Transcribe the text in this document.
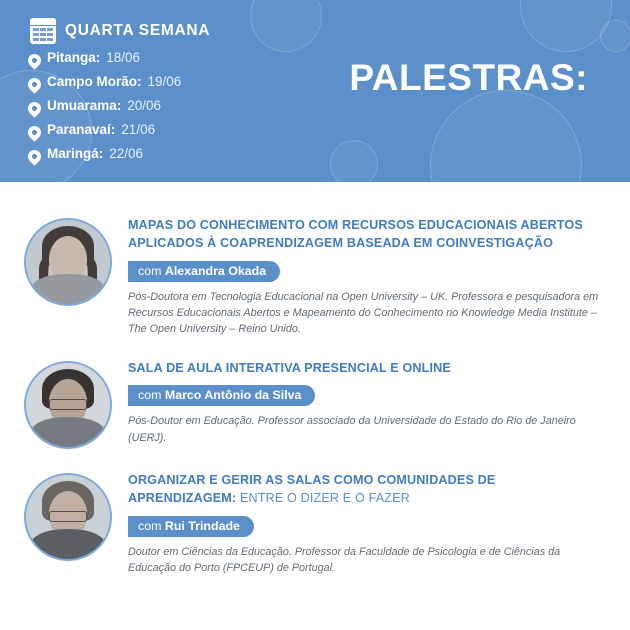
QUARTA SEMANA
Pitanga: 18/06
Campo Morão: 19/06
Umuarama: 20/06
Paranavaí: 21/06
Maringá: 22/06
PALESTRAS:
MAPAS DO CONHECIMENTO COM RECURSOS EDUCACIONAIS ABERTOS APLICADOS À COAPRENDIZAGEM BASEADA EM COINVESTIGAÇÃO
com Alexandra Okada
Pós-Doutora em Tecnologia Educacional na Open University – UK. Professora e pesquisadora em Recursos Educacionais Abertos e Mapeamento do Conhecimento no Knowledge Media Institute – The Open University – Reino Unido.
SALA DE AULA INTERATIVA PRESENCIAL E ONLINE
com Marco Antônio da Silva
Pós-Doutor em Educação. Professor associado da Universidade do Estado do Rio de Janeiro (UERJ).
ORGANIZAR E GERIR AS SALAS COMO COMUNIDADES DE APRENDIZAGEM: ENTRE O DIZER E O FAZER
com Rui Trindade
Doutor em Ciências da Educação. Professor da Faculdade de Psicologia e de Ciências da Educação do Porto (FPCEUP) de Portugal.
